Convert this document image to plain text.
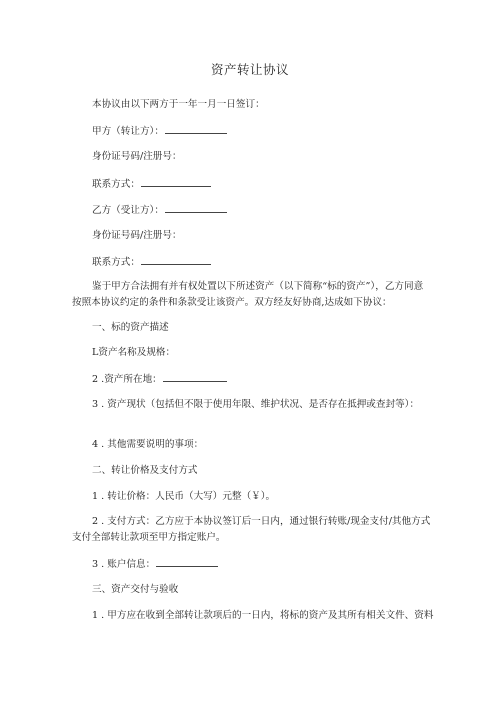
资产转让协议
本协议由以下两方于一年一月一日签订：
甲方（转让方）：
身份证号码/注册号：
联系方式：
乙方（受让方）：
身份证号码/注册号：
联系方式：
鉴于甲方合法拥有并有权处置以下所述资产（以下简称“标的资产”），乙方同意
按照本协议约定的条件和条款受让该资产。双方经友好协商,达成如下协议：
一、标的资产描述
L资产名称及规格：
2 .资产所在地：
3 . 资产现状（包括但不限于使用年限、维护状况、是否存在抵押或查封等）：
4 . 其他需要说明的事项：
二、转让价格及支付方式
1 . 转让价格：人民币（大写）元整（￥）。
2 . 支付方式：乙方应于本协议签订后一日内，通过银行转账/现金支付/其他方式
支付全部转让款项至甲方指定账户。
3 . 账户信息：
三、资产交付与验收
1 . 甲方应在收到全部转让款项后的一日内，将标的资产及其所有相关文件、资料
